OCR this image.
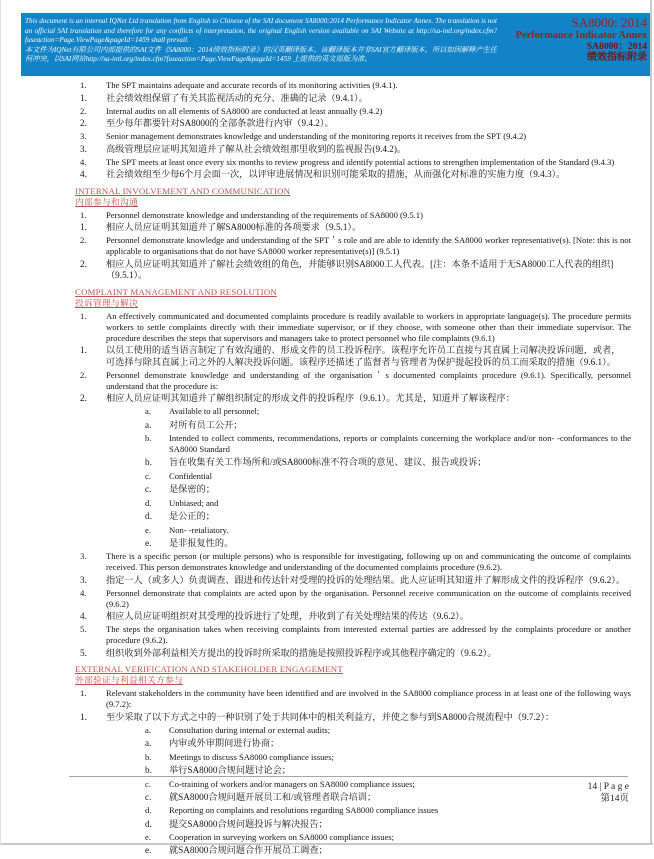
This document is an internal IQNet Ltd translation from English to Chinese of the SAI document SA8000:2014 Performance Indicator Annex. The translation is not an official SAI translation and therefore for any conflicts of interpretation, the original English version available on SAI Website at http://sa-intl.org/index.cfm?fuseaction=Page.ViewPage&pageId=1459 shall prevail.
本文件为IQNet有限公司内部提供的SAI文件《SA8000：2014绩效指标附录》的汉英翻译版本。该翻译版本并非SAI官方翻译版本，所以如因解释产生任何冲突，以SAI网站http://sa-intl.org/index.cfm?fuseaction=Page.ViewPage&pageId=1459 上提供的英文原版为准。
SA8000: 2014
Performance Indicator Annex
SA8000：2014
绩效指标附录
1.	The SPT maintains adequate and accurate records of its monitoring activities (9.4.1).
1.	社会绩效组保留了有关其监视活动的充分、准确的记录（9.4.1）。
2.	Internal audits on all elements of SA8000 are conducted at least annually (9.4.2)
2.	至少每年都要针对SA8000的全部条款进行内审（9.4.2）。
3.	Senior management demonstrates knowledge and understanding of the monitoring reports it receives from the SPT (9.4.2)
3.	高级管理层应证明其知道并了解从社会绩效组那里收到的监视报告(9.4.2)。
4.	The SPT meets at least once every six months to review progress and identify potential actions to strengthen implementation of the Standard (9.4.3)
4.	社会绩效组至少每6个月会面一次，以评审进展情况和识别可能采取的措施，从而强化对标准的实施力度（9.4.3）。
INTERNAL INVOLVEMENT AND COMMUNICATION
内部参与和沟通
1.	Personnel demonstrate knowledge and understanding of the requirements of SA8000 (9.5.1)
1.	相应人员应证明其知道并了解SA8000标准的各项要求（9.5.1）。
2.	Personnel demonstrate knowledge and understanding of the SPT＇s role and are able to identify the SA8000 worker representative(s). [Note: this is not applicable to organisations that do not have SA8000 worker representative(s)] (9.5.1)
2.	相应人员应证明其知道并了解社会绩效组的角色，并能够识别SA8000工人代表。[注：本条不适用于无SA8000工人代表的组织]（9.5.1）。
COMPLAINT MANAGEMENT AND RESOLUTION
投诉管理与解决
1.	An effectively communicated and documented complaints procedure is readily available to workers in appropriate language(s). The procedure permits workers to settle complaints directly with their immediate supervisor, or if they choose, with someone other than their immediate supervisor. The procedure describes the steps that supervisors and managers take to protect personnel who file complaints (9.6.1)
1.	以员工使用的适当语言制定了有效沟通的、形成文件的员工投诉程序。该程序允许员工直接与其直属上司解决投诉问题，或者，　可选择与除其直属上司之外的人解决投诉问题。该程序还描述了监督者与管理者为保护提起投诉的员工而采取的措施（9.6.1）。
2.	Personnel demonstrate knowledge and understanding of the organisation＇s documented complaints procedure (9.6.1). Specifically, personnel understand that the procedure is:
2.	相应人员应证明其知道并了解组织制定的形成文件的投诉程序（9.6.1）。尤其是，知道并了解该程序：
a.	Available to all personnel;
a.	对所有员工公开；
b.	Intended to collect comments, recommendations, reports or complaints concerning the workplace and/or non- ‑conformances to the SA8000 Standard
b.	旨在收集有关工作场所和/或SA8000标准不符合项的意见、建议、报告或投诉；
c.	Confidential
c.	是保密的；
d.	Unbiased; and
d.	是公正的；
e.	Non- ‑retaliatory.
e.	是非报复性的。
3.	There is a specific person (or multiple persons) who is responsible for investigating, following up on and communicating the outcome of complaints received. This person demonstrates knowledge and understanding of the documented complaints procedure (9.6.2).
3.	指定一人（或多人）负责调查、跟进和传达针对受理的投诉的处理结果。此人应证明其知道并了解形成文件的投诉程序（9.6.2）。
4.	Personnel demonstrate that complaints are acted upon by the organisation. Personnel receive communication on the outcome of complaints received (9.6.2)
4.	相应人员应证明组织对其受理的投诉进行了处理，并收到了有关处理结果的传达（9.6.2）。
5.	The steps the organisation takes when receiving complaints from interested external parties are addressed by the complaints procedure or another procedure (9.6.2).
5.	组织收到外部利益相关方提出的投诉时所采取的措施是按照投诉程序或其他程序确定的（9.6.2）。
EXTERNAL VERIFICATION AND STAKEHOLDER ENGAGEMENT
外部验证与利益相关方参与
1.	Relevant stakeholders in the community have been identified and are involved in the SA8000 compliance process in at least one of the following ways (9.7.2):
1.	至少采取了以下方式之中的一种识别了处于共同体中的相关利益方，并使之参与到SA8000合规流程中（9.7.2）：
a.	Consultation during internal or external audits;
a.	内审或外审期间进行协商；
b.	Meetings to discuss SA8000 compliance issues;
b.	举行SA8000合规问题讨论会；
c.	Co-training of workers and/or managers on SA8000 compliance issues;
c.	就SA8000合规问题开展员工和/或管理者联合培训；
d.	Reporting on complaints and resolutions regarding SA8000 compliance issues
d.	提交SA8000合规问题投诉与解决报告；
e.	Cooperation in surveying workers on SA8000 compliance issues;
e.	就SA8000合规问题合作开展员工调查；
14 | P a g e
第14页
